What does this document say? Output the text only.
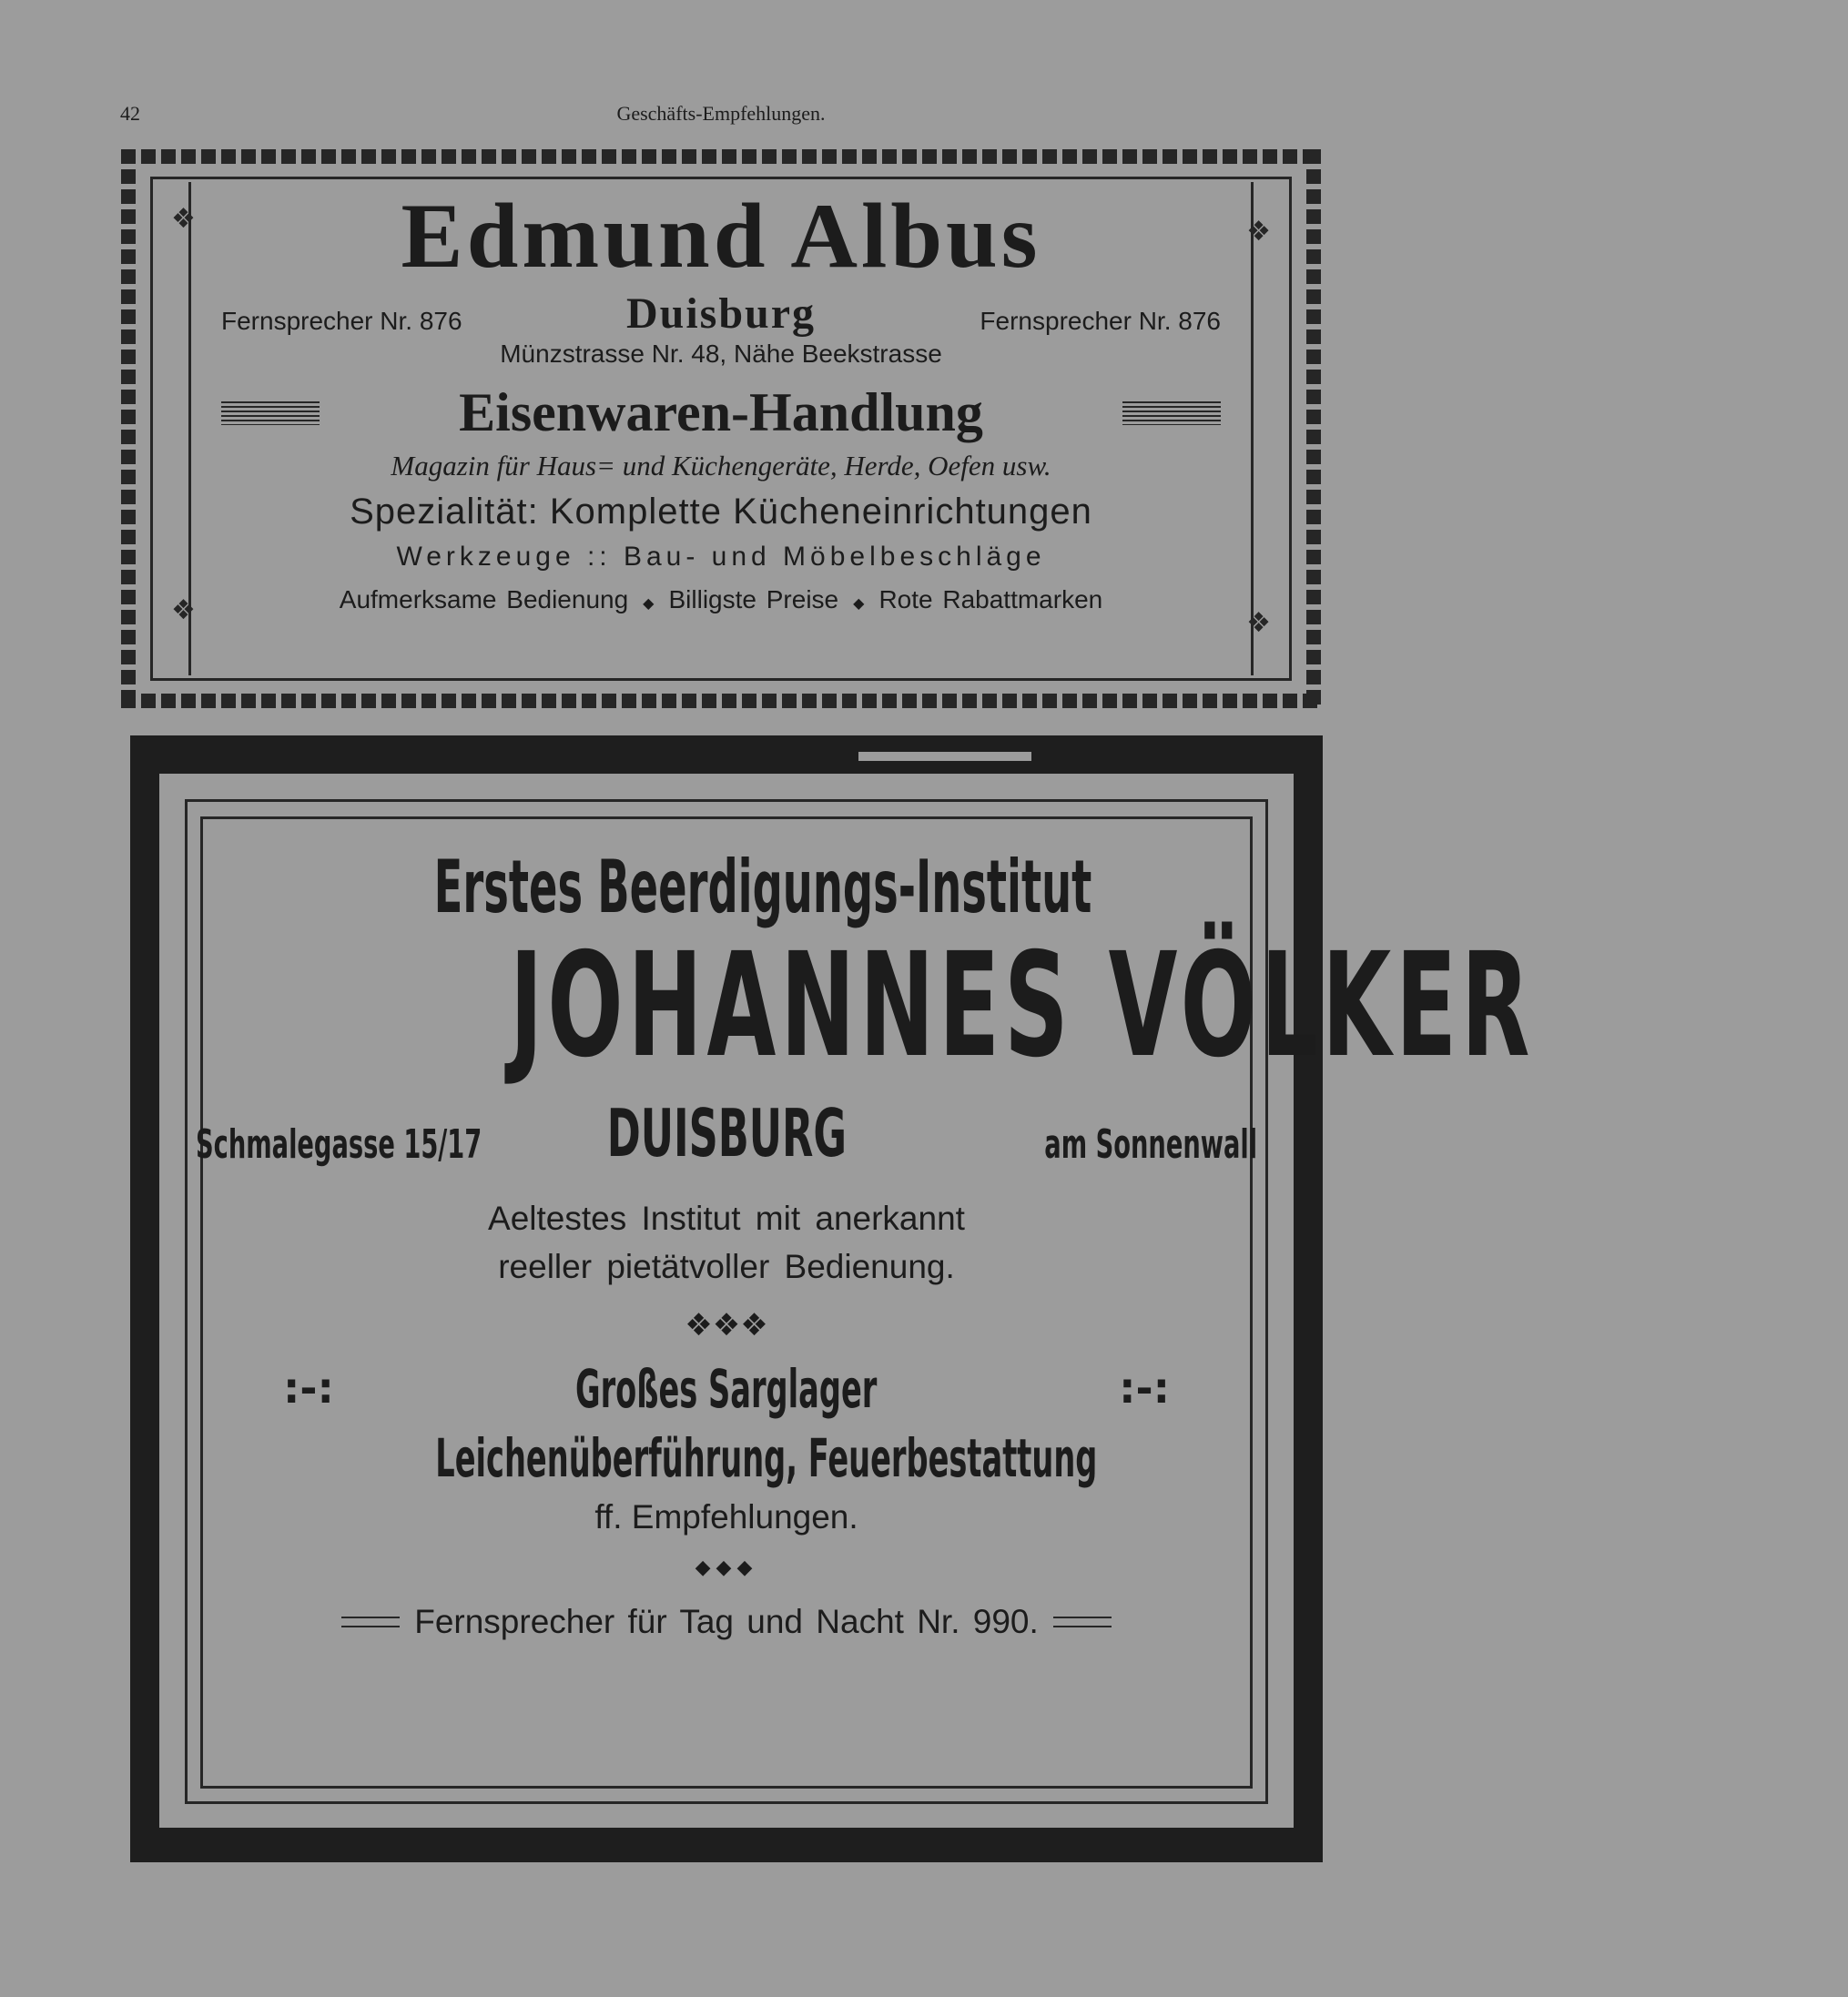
42	Geschäfts-Empfehlungen.
❖
❖
❖
❖
Edmund Albus
Fernsprecher Nr. 876	Duisburg	Fernsprecher Nr. 876
Münzstrasse Nr. 48, Nähe Beekstrasse
Eisenwaren-Handlung
Magazin für Haus= und Küchengeräte, Herde, Oefen usw.
Spezialität: Komplette Kücheneinrichtungen
Werkzeuge :: Bau- und Möbelbeschläge
Aufmerksame Bedienung ◆ Billigste Preise ◆ Rote Rabattmarken
Erstes Beerdigungs-Institut
JOHANNES VÖLKER
Schmalegasse 15/17	DUISBURG	am Sonnenwall
Aeltestes Institut mit anerkannt
reeller pietätvoller Bedienung.
❖❖❖
:-:	Großes Sarglager	:-:
Leichenüberführung, Feuerbestattung
ff. Empfehlungen.
◆◆◆
Fernsprecher für Tag und Nacht Nr. 990.
